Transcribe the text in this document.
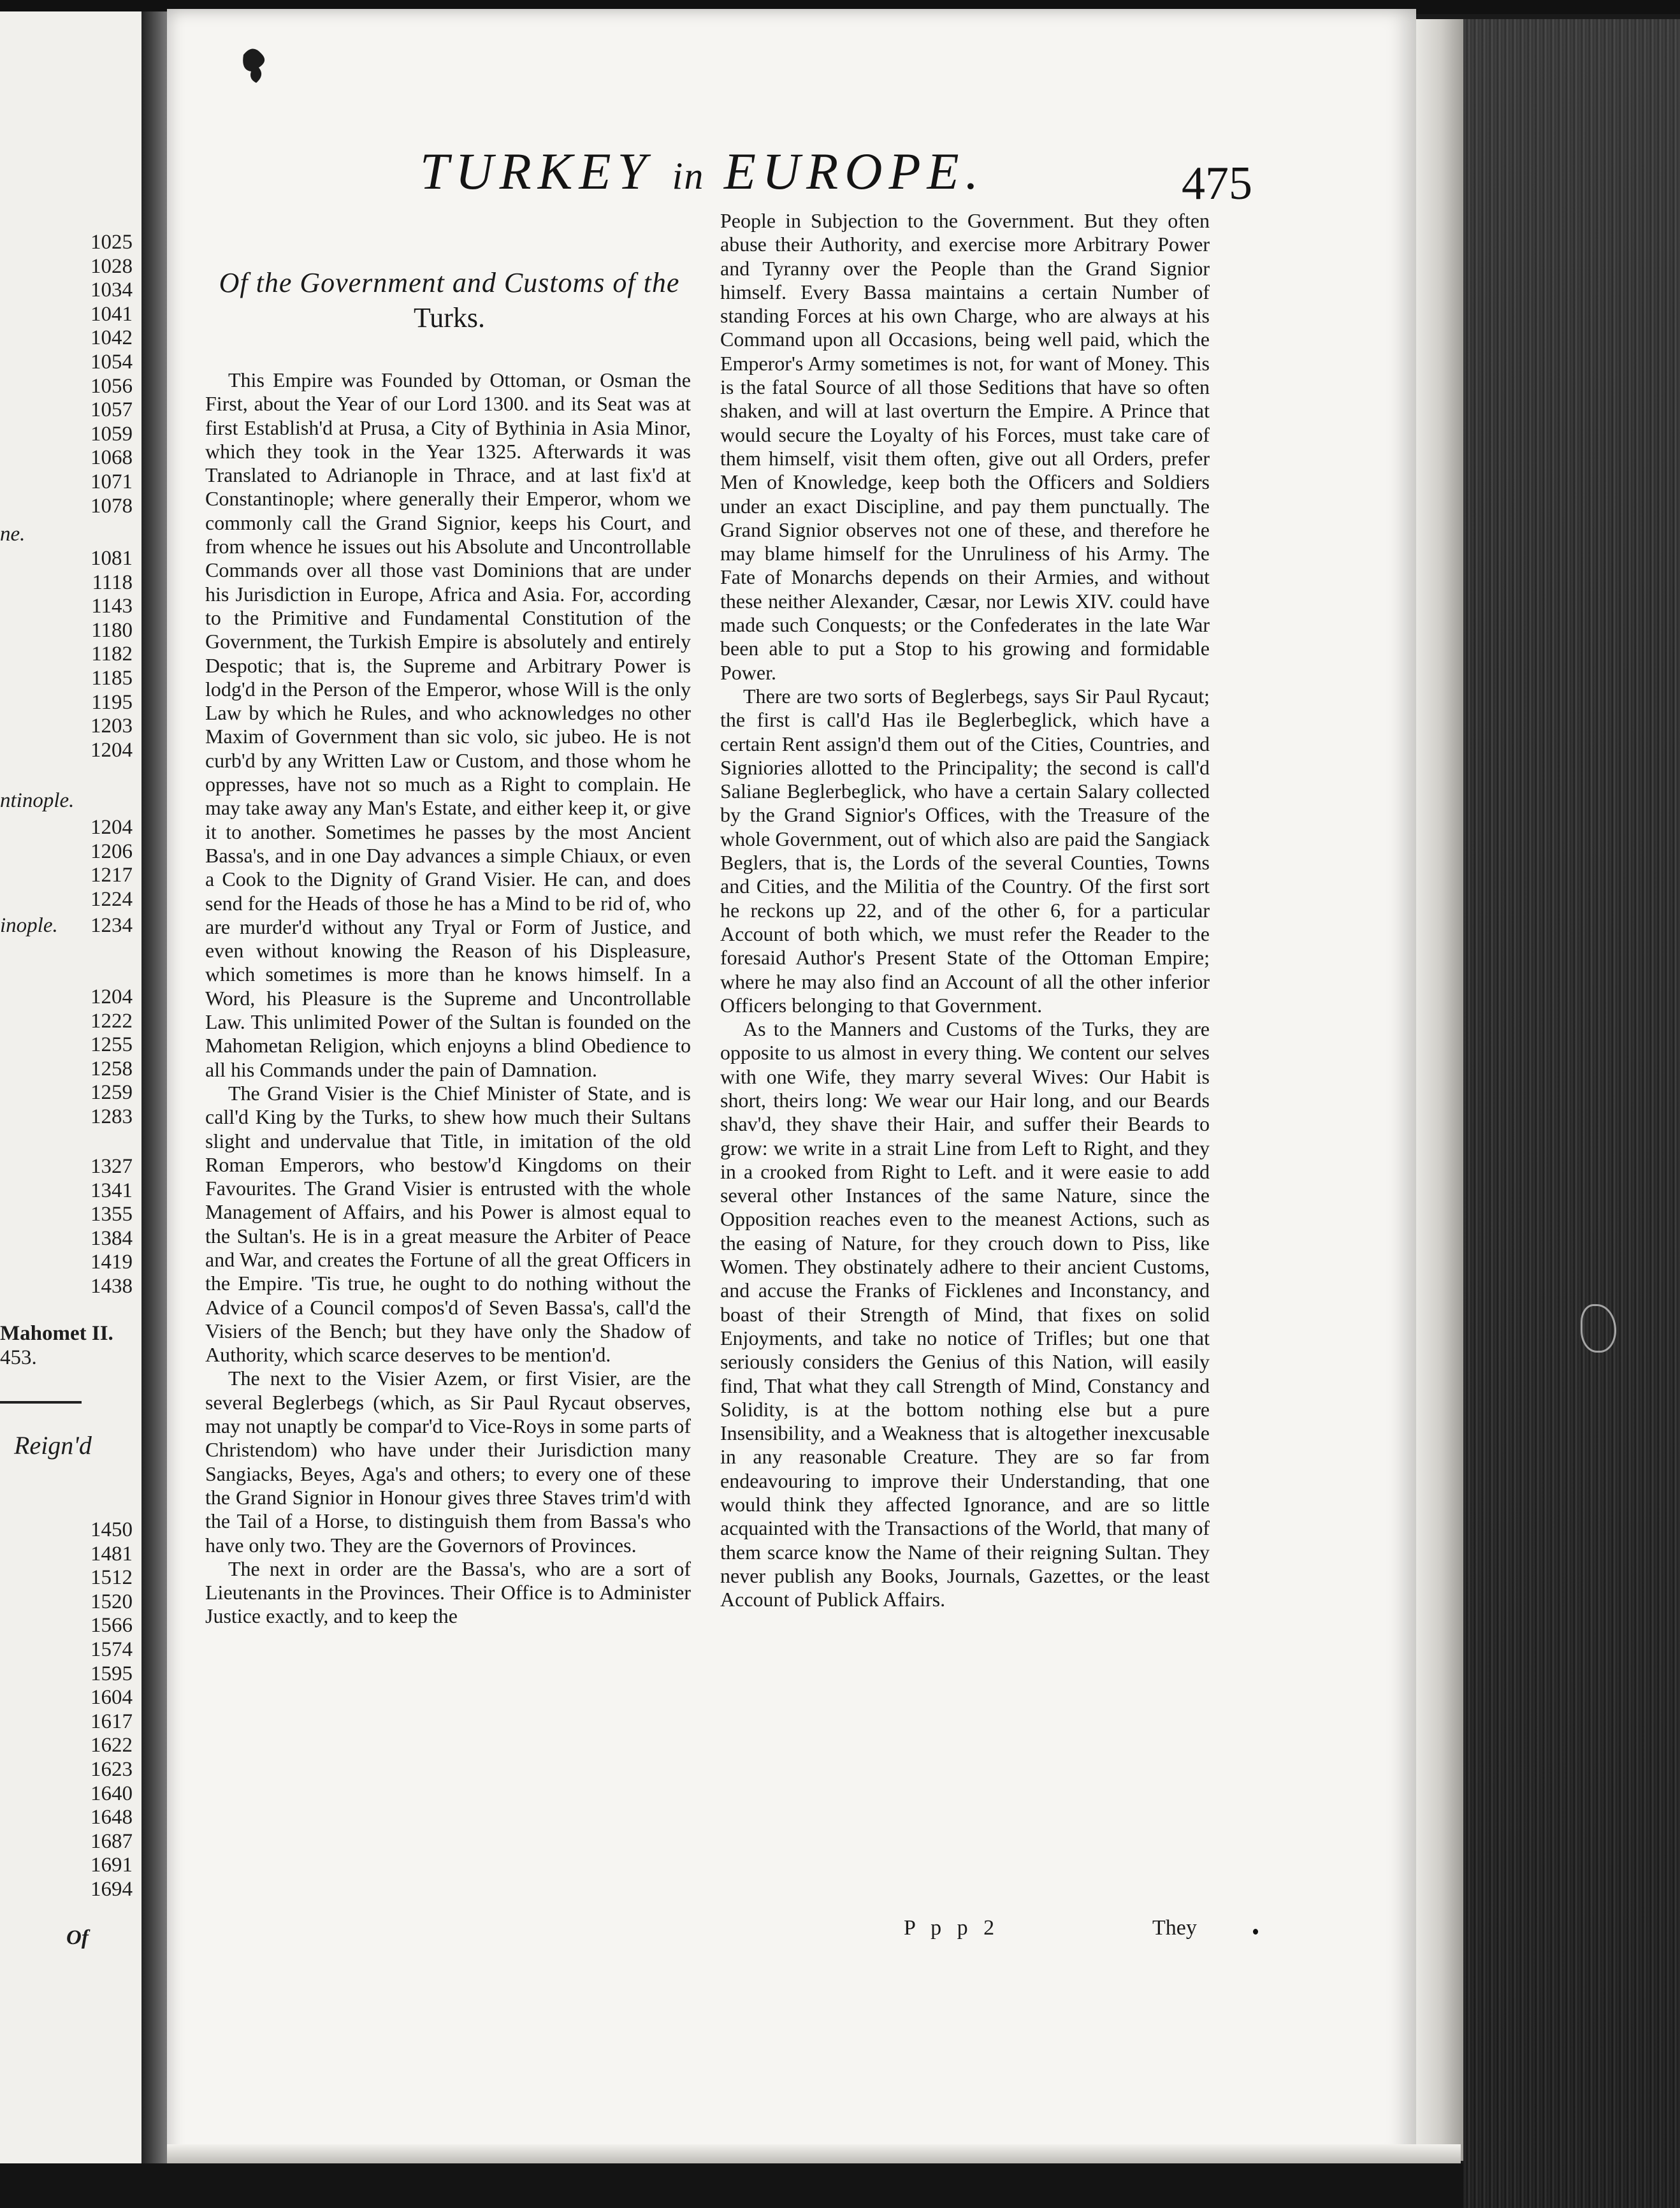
1025
1028
1034
1041
1042
1054
1056
1057
1059
1068
1071
1078
ne.
1081
1118
1143
1180
1182
1185
1195
1203
1204
ntinople.
1204
1206
1217
1224
inople. 1234
1204
1222
1255
1258
1259
1283
1327
1341
1355
1384
1419
1438
Mahomet II.
453.
Reign'd
1450
1481
1512
1520
1566
1574
1595
1604
1617
1622
1623
1640
1648
1687
1691
1694
Of
TURKEY in EUROPE.	475
Of the Government and Customs of the
Turks.

This Empire was Founded by Ottoman, or Osman the First, about the Year of our Lord 1300. and its Seat was at first Establish'd at Prusa, a City of Bythinia in Asia Minor, which they took in the Year 1325. Afterwards it was Translated to Adrianople in Thrace, and at last fix'd at Constantinople; where generally their Emperor, whom we commonly call the Grand Signior, keeps his Court, and from whence he issues out his Absolute and Uncontrollable Commands over all those vast Dominions that are under his Jurisdiction in Europe, Africa and Asia. For, according to the Primitive and Fundamental Constitution of the Government, the Turkish Empire is absolutely and entirely Despotic; that is, the Supreme and Arbitrary Power is lodg'd in the Person of the Emperor, whose Will is the only Law by which he Rules, and who acknowledges no other Maxim of Government than sic volo, sic jubeo. He is not curb'd by any Written Law or Custom, and those whom he oppresses, have not so much as a Right to complain. He may take away any Man's Estate, and either keep it, or give it to another. Sometimes he passes by the most Ancient Bassa's, and in one Day advances a simple Chiaux, or even a Cook to the Dignity of Grand Visier. He can, and does send for the Heads of those he has a Mind to be rid of, who are murder'd without any Tryal or Form of Justice, and even without knowing the Reason of his Displeasure, which sometimes is more than he knows himself. In a Word, his Pleasure is the Supreme and Uncontrollable Law. This unlimited Power of the Sultan is founded on the Mahometan Religion, which enjoyns a blind Obedience to all his Commands under the pain of Damnation.

The Grand Visier is the Chief Minister of State, and is call'd King by the Turks, to shew how much their Sultans slight and undervalue that Title, in imitation of the old Roman Emperors, who bestow'd Kingdoms on their Favourites. The Grand Visier is entrusted with the whole Management of Affairs, and his Power is almost equal to the Sultan's. He is in a great measure the Arbiter of Peace and War, and creates the Fortune of all the great Officers in the Empire. 'Tis true, he ought to do nothing without the Advice of a Council compos'd of Seven Bassa's, call'd the Visiers of the Bench; but they have only the Shadow of Authority, which scarce deserves to be mention'd.

The next to the Visier Azem, or first Visier, are the several Beglerbegs (which, as Sir Paul Rycaut observes, may not unaptly be compar'd to Vice-Roys in some parts of Christendom) who have under their Jurisdiction many Sangiacks, Beyes, Aga's and others; to every one of these the Grand Signior in Honour gives three Staves trim'd with the Tail of a Horse, to distinguish them from Bassa's who have only two. They are the Governors of Provinces.

The next in order are the Bassa's, who are a sort of Lieutenants in the Provinces. Their Office is to Administer Justice exactly, and to keep the

People in Subjection to the Government. But they often abuse their Authority, and exercise more Arbitrary Power and Tyranny over the People than the Grand Signior himself. Every Bassa maintains a certain Number of standing Forces at his own Charge, who are always at his Command upon all Occasions, being well paid, which the Emperor's Army sometimes is not, for want of Money. This is the fatal Source of all those Seditions that have so often shaken, and will at last overturn the Empire. A Prince that would secure the Loyalty of his Forces, must take care of them himself, visit them often, give out all Orders, prefer Men of Knowledge, keep both the Officers and Soldiers under an exact Discipline, and pay them punctually. The Grand Signior observes not one of these, and therefore he may blame himself for the Unruliness of his Army. The Fate of Monarchs depends on their Armies, and without these neither Alexander, Cæsar, nor Lewis XIV. could have made such Conquests; or the Confederates in the late War been able to put a Stop to his growing and formidable Power.

There are two sorts of Beglerbegs, says Sir Paul Rycaut; the first is call'd Has ile Beglerbeglick, which have a certain Rent assign'd them out of the Cities, Countries, and Signiories allotted to the Principality; the second is call'd Saliane Beglerbeglick, who have a certain Salary collected by the Grand Signior's Offices, with the Treasure of the whole Government, out of which also are paid the Sangiack Beglers, that is, the Lords of the several Counties, Towns and Cities, and the Militia of the Country. Of the first sort he reckons up 22, and of the other 6, for a particular Account of both which, we must refer the Reader to the foresaid Author's Present State of the Ottoman Empire; where he may also find an Account of all the other inferior Officers belonging to that Government.

As to the Manners and Customs of the Turks, they are opposite to us almost in every thing. We content our selves with one Wife, they marry several Wives: Our Habit is short, theirs long: We wear our Hair long, and our Beards shav'd, they shave their Hair, and suffer their Beards to grow: we write in a strait Line from Left to Right, and they in a crooked from Right to Left. and it were easie to add several other Instances of the same Nature, since the Opposition reaches even to the meanest Actions, such as the easing of Nature, for they crouch down to Piss, like Women. They obstinately adhere to their ancient Customs, and accuse the Franks of Ficklenes and Inconstancy, and boast of their Strength of Mind, that fixes on solid Enjoyments, and take no notice of Trifles; but one that seriously considers the Genius of this Nation, will easily find, That what they call Strength of Mind, Constancy and Solidity, is at the bottom nothing else but a pure Insensibility, and a Weakness that is altogether inexcusable in any reasonable Creature. They are so far from endeavouring to improve their Understanding, that one would think they affected Ignorance, and are so little acquainted with the Transactions of the World, that many of them scarce know the Name of their reigning Sultan. They never publish any Books, Journals, Gazettes, or the least Account of Publick Affairs.

P p p 2	They
